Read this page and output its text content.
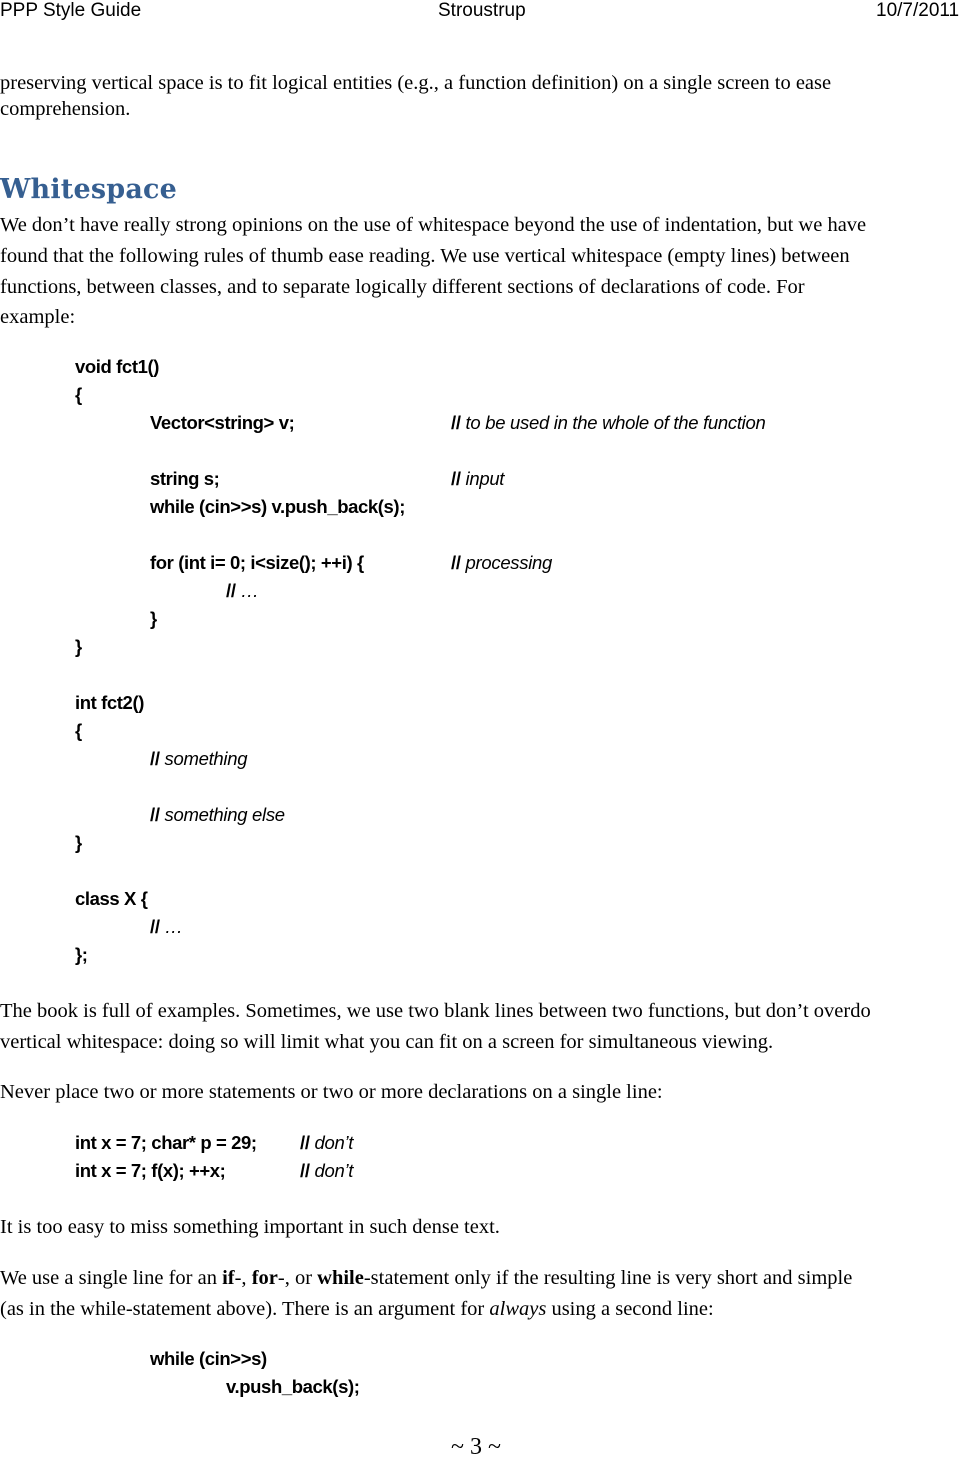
PPP Style Guide	Stroustrup	10/7/2011
preserving vertical space is to fit logical entities (e.g., a function definition) on a single screen to ease
comprehension.
Whitespace
We don’t have really strong opinions on the use of whitespace beyond the use of indentation, but we have
found that the following rules of thumb ease reading. We use vertical whitespace (empty lines) between
functions, between classes, and to separate logically different sections of declarations of code. For
example:
void fct1()
{
Vector<string> v;	// to be used in the whole of the function
string s;	// input
while (cin>>s) v.push_back(s);
for (int i= 0; i<size(); ++i) {	// processing
// …
}
}
int fct2()
{
// something
// something else
}
class X {
// …
};
The book is full of examples. Sometimes, we use two blank lines between two functions, but don’t overdo
vertical whitespace: doing so will limit what you can fit on a screen for simultaneous viewing.
Never place two or more statements or two or more declarations on a single line:
int x = 7; char* p = 29; // don’t
int x = 7; f(x); ++x;	// don’t
It is too easy to miss something important in such dense text.
We use a single line for an if-, for-, or while-statement only if the resulting line is very short and simple
(as in the while-statement above). There is an argument for always using a second line:
while (cin>>s)
v.push_back(s);
~ 3 ~
